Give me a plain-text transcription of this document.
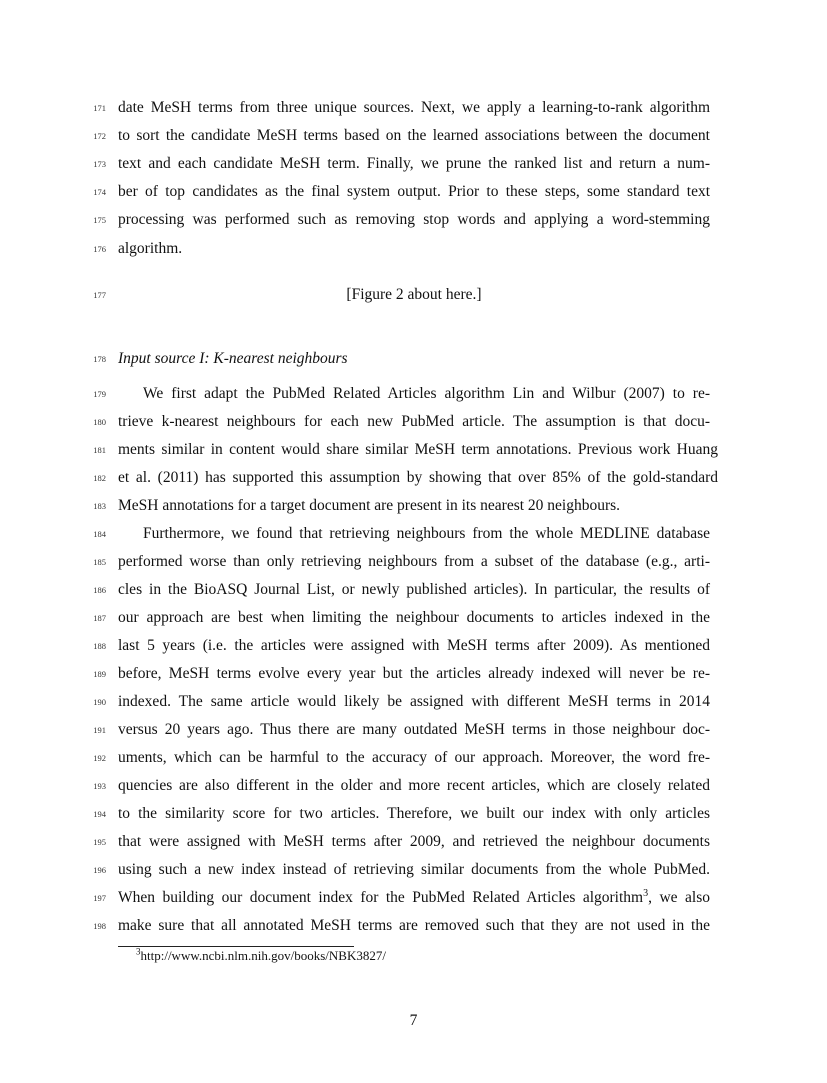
171 date MeSH terms from three unique sources. Next, we apply a learning-to-rank algorithm
172 to sort the candidate MeSH terms based on the learned associations between the document
173 text and each candidate MeSH term. Finally, we prune the ranked list and return a num-
174 ber of top candidates as the final system output. Prior to these steps, some standard text
175 processing was performed such as removing stop words and applying a word-stemming
176 algorithm.
177	[Figure 2 about here.]
178 Input source I: K-nearest neighbours
179 We first adapt the PubMed Related Articles algorithm Lin and Wilbur (2007) to re-
180 trieve k-nearest neighbours for each new PubMed article. The assumption is that docu-
181 ments similar in content would share similar MeSH term annotations. Previous work Huang
182 et al. (2011) has supported this assumption by showing that over 85% of the gold-standard
183 MeSH annotations for a target document are present in its nearest 20 neighbours.
184 Furthermore, we found that retrieving neighbours from the whole MEDLINE database
185 performed worse than only retrieving neighbours from a subset of the database (e.g., arti-
186 cles in the BioASQ Journal List, or newly published articles). In particular, the results of
187 our approach are best when limiting the neighbour documents to articles indexed in the
188 last 5 years (i.e. the articles were assigned with MeSH terms after 2009). As mentioned
189 before, MeSH terms evolve every year but the articles already indexed will never be re-
190 indexed. The same article would likely be assigned with different MeSH terms in 2014
191 versus 20 years ago. Thus there are many outdated MeSH terms in those neighbour doc-
192 uments, which can be harmful to the accuracy of our approach. Moreover, the word fre-
193 quencies are also different in the older and more recent articles, which are closely related
194 to the similarity score for two articles. Therefore, we built our index with only articles
195 that were assigned with MeSH terms after 2009, and retrieved the neighbour documents
196 using such a new index instead of retrieving similar documents from the whole PubMed.
197 When building our document index for the PubMed Related Articles algorithm$^3$, we also
198 make sure that all annotated MeSH terms are removed such that they are not used in the
$^3$http://www.ncbi.nlm.nih.gov/books/NBK3827/
7
